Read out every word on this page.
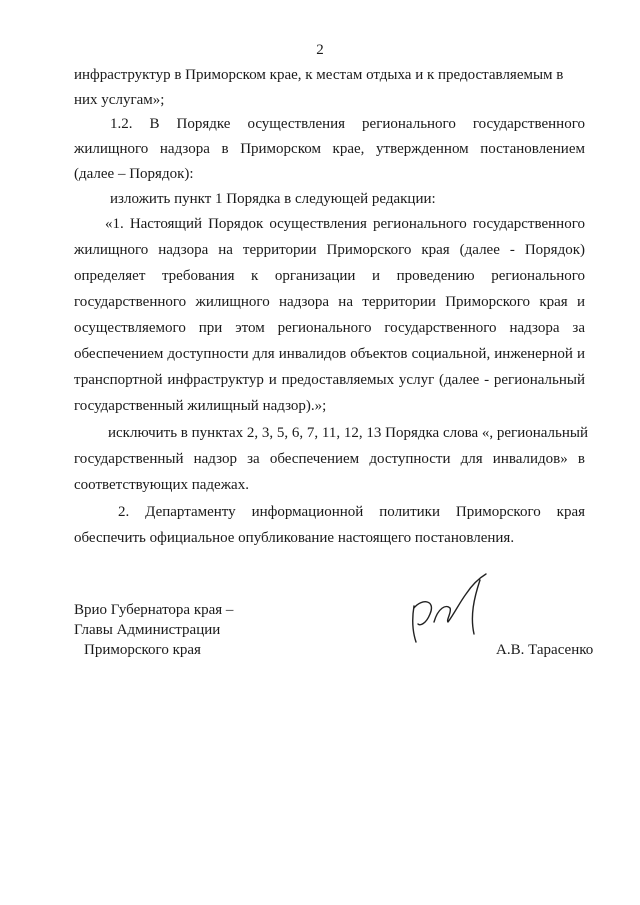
2
инфраструктур в Приморском крае, к местам отдыха и к предоставляемым в
них услугам»;
1.2. В Порядке осуществления регионального государственного
жилищного надзора в Приморском крае, утвержденном постановлением
(далее – Порядок):
изложить пункт 1 Порядка в следующей редакции:
«1. Настоящий Порядок осуществления регионального государственного
жилищного надзора на территории Приморского края (далее - Порядок)
определяет требования к организации и проведению регионального
государственного жилищного надзора на территории Приморского края и
осуществляемого при этом регионального государственного надзора за
обеспечением доступности для инвалидов объектов социальной, инженерной и
транспортной инфраструктур и предоставляемых услуг (далее - региональный
государственный жилищный надзор).»;
исключить в пунктах 2, 3, 5, 6, 7, 11, 12, 13 Порядка слова «, региональный
государственный надзор за обеспечением доступности для инвалидов» в
соответствующих падежах.
2. Департаменту информационной политики Приморского края
обеспечить официальное опубликование настоящего постановления.
Врио Губернатора края –
Главы Администрации
Приморского края	А.В. Тарасенко
